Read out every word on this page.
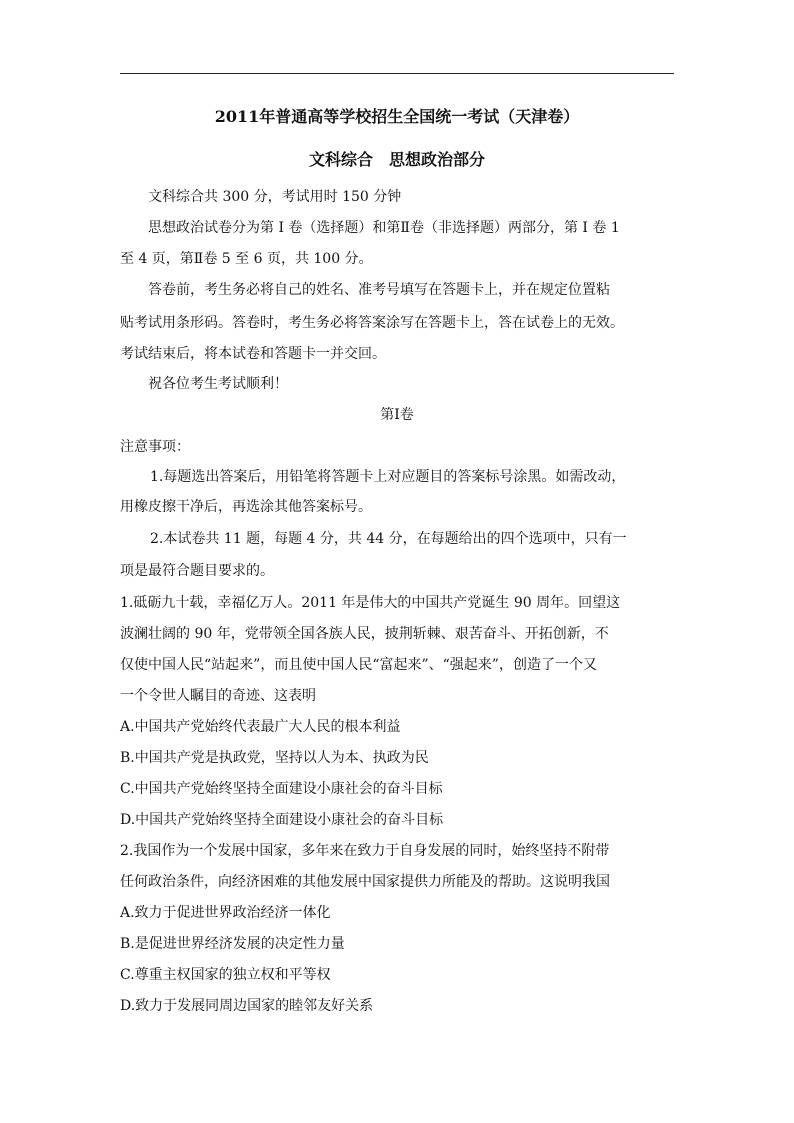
2011年普通高等学校招生全国统一考试（天津卷）
文科综合　思想政治部分
文科综合共 300 分，考试用时 150 分钟
思想政治试卷分为第 I 卷（选择题）和第Ⅱ卷（非选择题）两部分，第 I 卷 1
至 4 页，第Ⅱ卷 5 至 6 页，共 100 分。
答卷前，考生务必将自己的姓名、准考号填写在答题卡上，并在规定位置粘
贴考试用条形码。答卷时，考生务必将答案涂写在答题卡上，答在试卷上的无效。
考试结束后，将本试卷和答题卡一并交回。
祝各位考生考试顺利！
第Ⅰ卷
注意事项：
1.每题选出答案后，用铅笔将答题卡上对应题目的答案标号涂黑。如需改动，
用橡皮擦干净后，再选涂其他答案标号。
2.本试卷共 11 题，每题 4 分，共 44 分，在每题给出的四个选项中，只有一
项是最符合题目要求的。
1.砥砺九十载，幸福亿万人。2011 年是伟大的中国共产党诞生 90 周年。回望这
波澜壮阔的 90 年，党带领全国各族人民，披荆斩棘、艰苦奋斗、开拓创新，不
仅使中国人民“站起来”，而且使中国人民“富起来”、“强起来”，创造了一个又
一个令世人瞩目的奇迹、这表明
A.中国共产党始终代表最广大人民的根本利益
B.中国共产党是执政党，坚持以人为本、执政为民
C.中国共产党始终坚持全面建设小康社会的奋斗目标
D.中国共产党始终坚持全面建设小康社会的奋斗目标
2.我国作为一个发展中国家，多年来在致力于自身发展的同时，始终坚持不附带
任何政治条件，向经济困难的其他发展中国家提供力所能及的帮助。这说明我国
A.致力于促进世界政治经济一体化
B.是促进世界经济发展的决定性力量
C.尊重主权国家的独立权和平等权
D.致力于发展同周边国家的睦邻友好关系
